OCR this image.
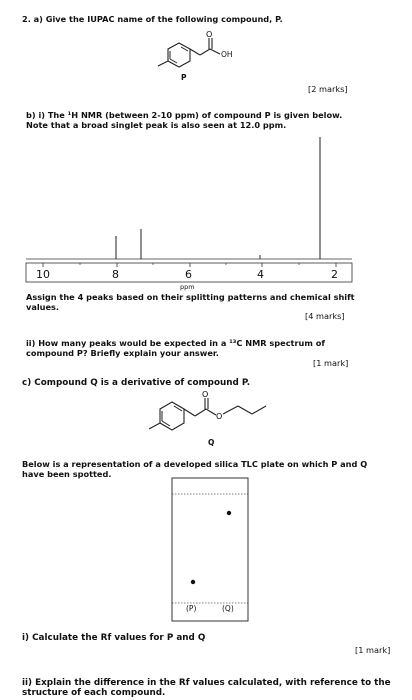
2. a) Give the IUPAC name of the following compound, P.
O
OH
P
[2 marks]
b) i) The ¹H NMR (between 2-10 ppm) of compound P is given below.
Note that a broad singlet peak is also seen at 12.0 ppm.
10	8	6	4	2
ppm
Assign the 4 peaks based on their splitting patterns and chemical shift values.
[4 marks]
ii) How many peaks would be expected in a ¹³C NMR spectrum of compound P? Briefly explain your answer.
[1 mark]
c) Compound Q is a derivative of compound P.
O
O
Q
Below is a representation of a developed silica TLC plate on which P and Q have been spotted.
(P)	(Q)
i) Calculate the Rf values for P and Q
[1 mark]
ii) Explain the difference in the Rf values calculated, with reference to the structure of each compound.
